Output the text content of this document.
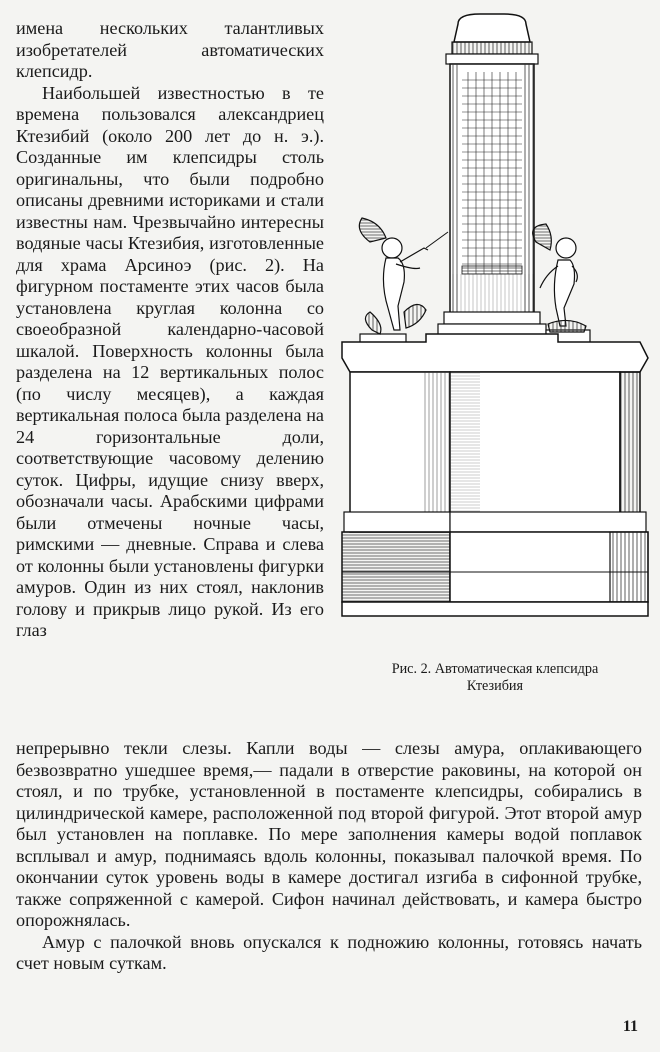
имена нескольких талантливых изобретателей автоматических клепсидр.

Наибольшей известностью в те времена пользовался александриец Ктезибий (около 200 лет до н. э.). Созданные им клепсидры столь оригинальны, что были подробно описаны древними историками и стали известны нам. Чрезвычайно интересны водяные часы Ктезибия, изготовленные для храма Арсиноэ (рис. 2). На фигурном постаменте этих часов была установлена круглая колонна со своеобразной календарно-часовой шкалой. Поверхность колонны была разделена на 12 вертикальных полос (по числу месяцев), а каждая вертикальная полоса была разделена на 24 горизонтальные доли, соответствующие часовому делению суток. Цифры, идущие снизу вверх, обозначали часы. Арабскими цифрами были отмечены ночные часы, римскими — дневные. Справа и слева от колонны были установлены фигурки амуров. Один из них стоял, наклонив голову и прикрыв лицо рукой. Из его глаз

Рис. 2. Автоматическая клепсидра
Ктезибия

непрерывно текли слезы. Капли воды — слезы амура, оплакивающего безвозвратно ушедшее время,— падали в отверстие раковины, на которой он стоял, и по трубке, установленной в постаменте клепсидры, собирались в цилиндрической камере, расположенной под второй фигурой. Этот второй амур был установлен на поплавке. По мере заполнения камеры водой поплавок всплывал и амур, поднимаясь вдоль колонны, показывал палочкой время. По окончании суток уровень воды в камере достигал изгиба в сифонной трубке, также сопряженной с камерой. Сифон начинал действовать, и камера быстро опорожнялась.

Амур с палочкой вновь опускался к подножию колонны, готовясь начать счет новым суткам.

11
